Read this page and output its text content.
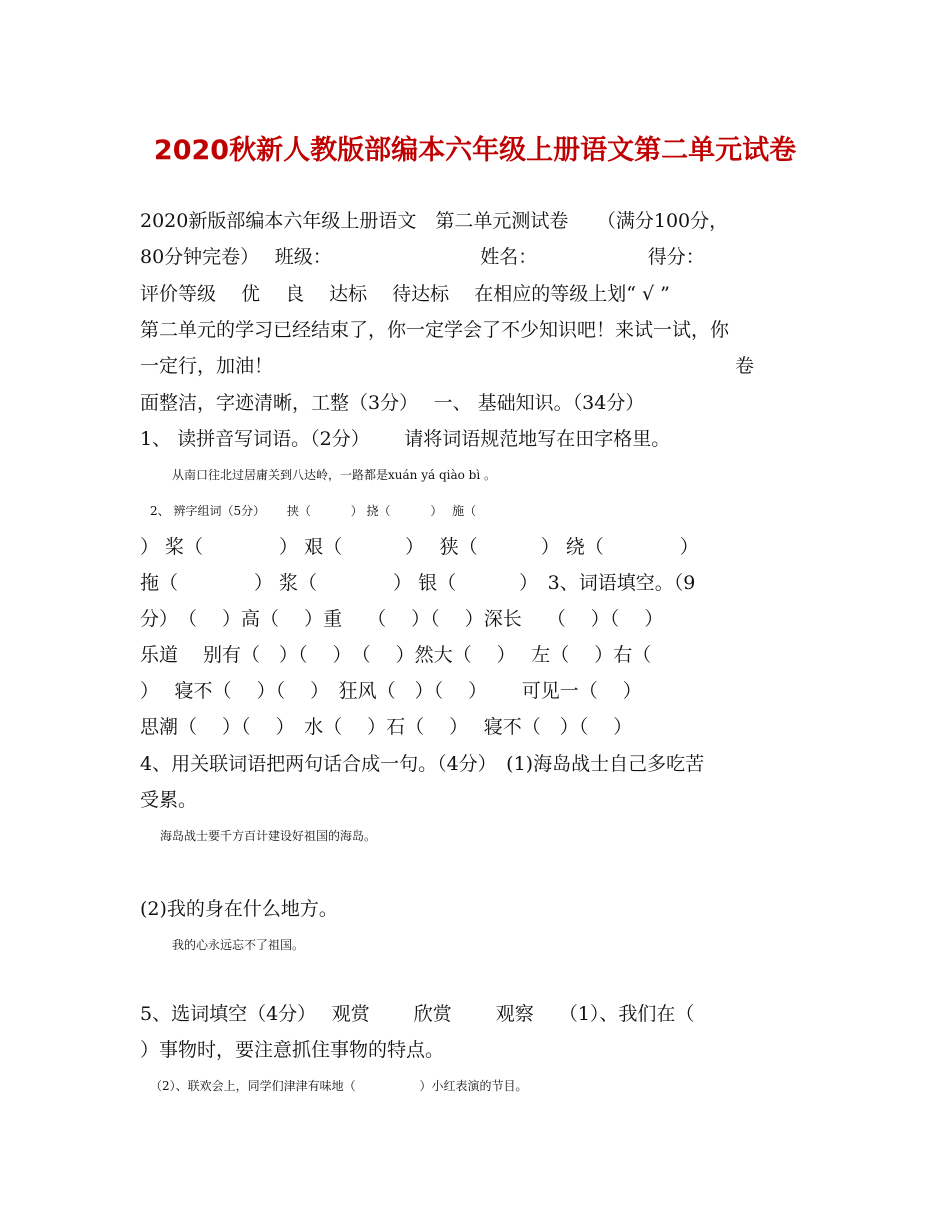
2020秋新人教版部编本六年级上册语文第二单元试卷
2020新版部编本六年级上册语文　第二单元测试卷　　（满分100分，
80分钟完卷）　 班级：　　　　　　　　 姓名：　　　　　　 得分：
评价等级　 优　 良　 达标　 待达标　 在相应的等级上划“ √ ”
第二单元的学习已经结束了，你一定学会了不少知识吧！来试一试，你
一定行，加油！　　　　　　　　　　　　　　　　　　　　　　　　 卷
面整洁，字迹清晰，工整（3分）　 一、 基础知识。（34分）
1、 读拼音写词语。（2分）　　 请将词语规范地写在田字格里。
从南口往北过居庸关到八达岭，一路都是xuán yá qiào bì 。
2、 辨字组词（5分）　　 挟（　　　 ） 挠（　　　 ）　 施（
） 桨（　　　　） 艰（　　　 ）　 狭（　　　 ） 绕（　　　　）
拖（　　　　） 浆（　　　　） 银（　　　 ）　3、词语填空。（9
分）　（　 ）高（　 ）重　 （　 ）（　 ）深长　 （　 ）（　 ）
乐道　 别有（　）（　 ）　（　 ）然大（　 ）　 左（　 ）右（
）　 寝不（　 ）（　 ）　狂风（　）（　 ）　　 可见一（　 ）
思潮（　 ）（　 ）　水（　 ）石（　 ）　 寝不（　）（　 ）
4、用关联词语把两句话合成一句。（4分）　(1)海岛战士自己多吃苦
受累。
海岛战士要千方百计建设好祖国的海岛。
(2)我的身在什么地方。
我的心永远忘不了祖国。
5、选词填空（4分）　 观赏　　 欣赏　　 观察　 （1）、我们在（
）事物时，要注意抓住事物的特点。
（2）、联欢会上，同学们津津有味地（　　　　　 ）小红表演的节目。
